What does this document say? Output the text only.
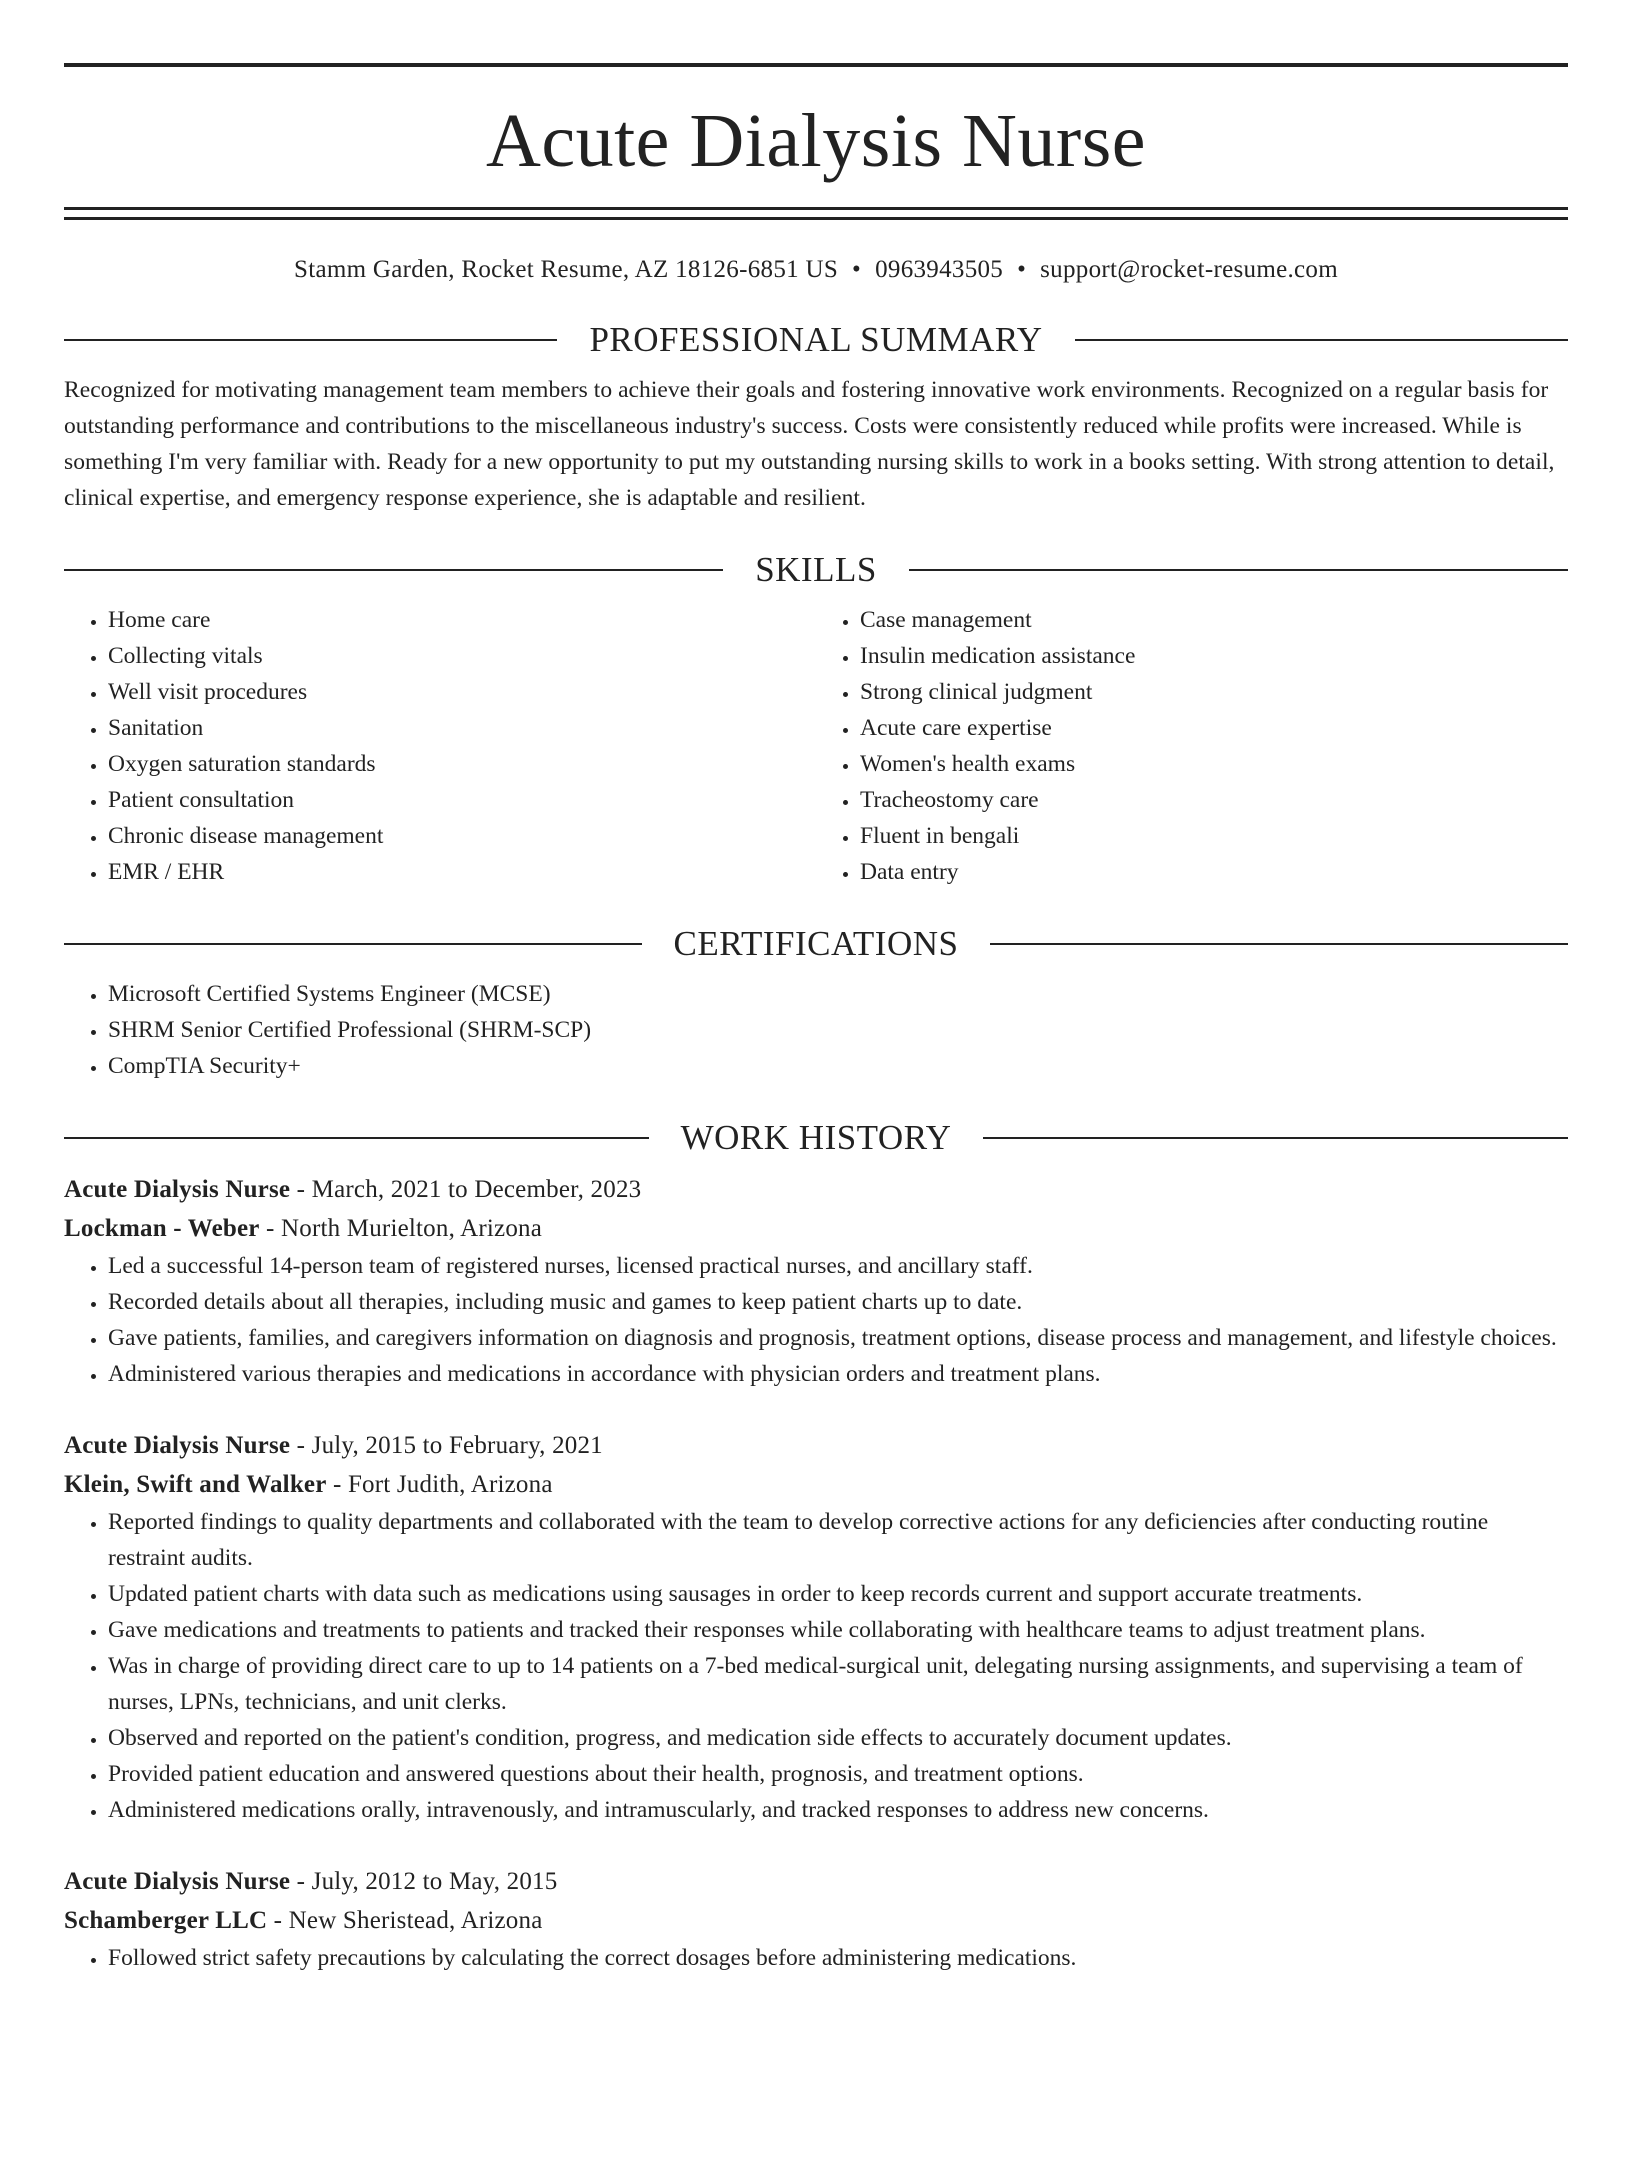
Acute Dialysis Nurse
Stamm Garden, Rocket Resume, AZ 18126-6851 US • 0963943505 • support@rocket-resume.com
PROFESSIONAL SUMMARY
Recognized for motivating management team members to achieve their goals and fostering innovative work environments. Recognized on a regular basis for outstanding performance and contributions to the miscellaneous industry's success. Costs were consistently reduced while profits were increased. While is something I'm very familiar with. Ready for a new opportunity to put my outstanding nursing skills to work in a books setting. With strong attention to detail, clinical expertise, and emergency response experience, she is adaptable and resilient.
SKILLS
• Home care
• Collecting vitals
• Well visit procedures
• Sanitation
• Oxygen saturation standards
• Patient consultation
• Chronic disease management
• EMR / EHR
• Case management
• Insulin medication assistance
• Strong clinical judgment
• Acute care expertise
• Women's health exams
• Tracheostomy care
• Fluent in bengali
• Data entry
CERTIFICATIONS
• Microsoft Certified Systems Engineer (MCSE)
• SHRM Senior Certified Professional (SHRM-SCP)
• CompTIA Security+
WORK HISTORY
Acute Dialysis Nurse - March, 2021 to December, 2023
Lockman - Weber - North Murielton, Arizona
• Led a successful 14-person team of registered nurses, licensed practical nurses, and ancillary staff.
• Recorded details about all therapies, including music and games to keep patient charts up to date.
• Gave patients, families, and caregivers information on diagnosis and prognosis, treatment options, disease process and management, and lifestyle choices.
• Administered various therapies and medications in accordance with physician orders and treatment plans.
Acute Dialysis Nurse - July, 2015 to February, 2021
Klein, Swift and Walker - Fort Judith, Arizona
• Reported findings to quality departments and collaborated with the team to develop corrective actions for any deficiencies after conducting routine restraint audits.
• Updated patient charts with data such as medications using sausages in order to keep records current and support accurate treatments.
• Gave medications and treatments to patients and tracked their responses while collaborating with healthcare teams to adjust treatment plans.
• Was in charge of providing direct care to up to 14 patients on a 7-bed medical-surgical unit, delegating nursing assignments, and supervising a team of nurses, LPNs, technicians, and unit clerks.
• Observed and reported on the patient's condition, progress, and medication side effects to accurately document updates.
• Provided patient education and answered questions about their health, prognosis, and treatment options.
• Administered medications orally, intravenously, and intramuscularly, and tracked responses to address new concerns.
Acute Dialysis Nurse - July, 2012 to May, 2015
Schamberger LLC - New Sheristead, Arizona
• Followed strict safety precautions by calculating the correct dosages before administering medications.
